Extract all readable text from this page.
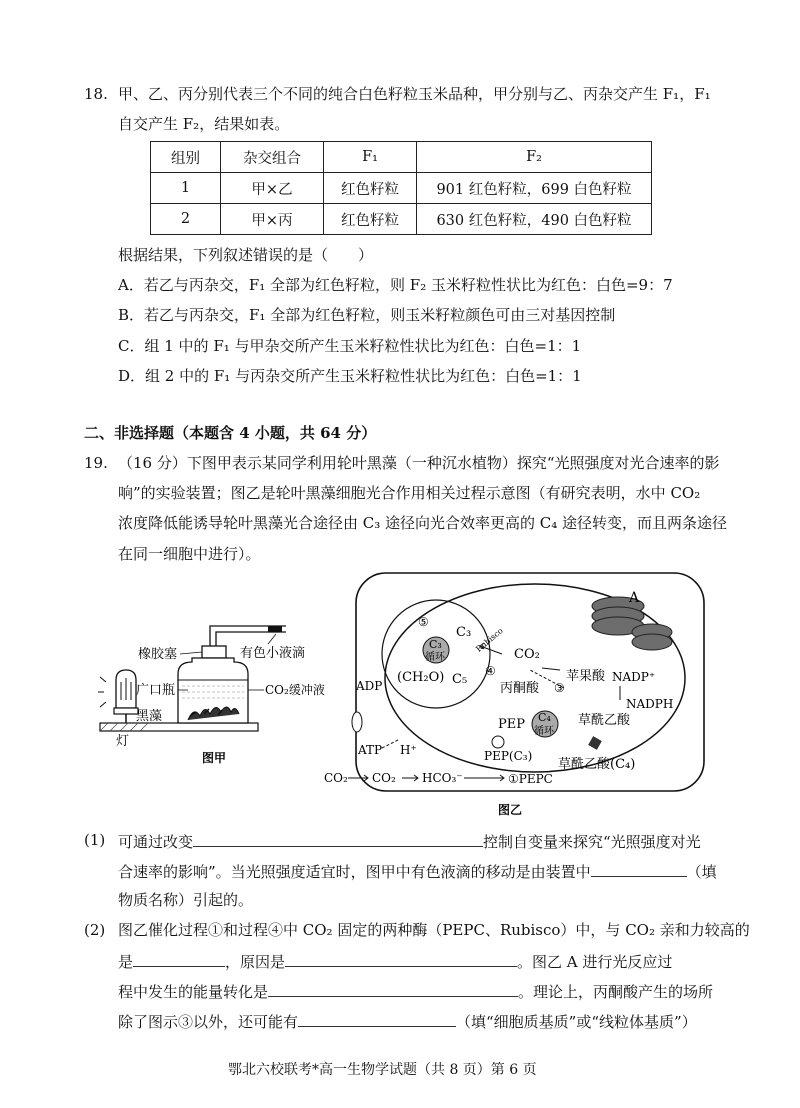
18. 甲、乙、丙分别代表三个不同的纯合白色籽粒玉米品种，甲分别与乙、丙杂交产生 F₁，F₁
自交产生 F₂，结果如表。
组别	杂交组合	F₁	F₂
1	甲×乙	红色籽粒	901 红色籽粒，699 白色籽粒
2	甲×丙	红色籽粒	630 红色籽粒，490 白色籽粒
根据结果，下列叙述错误的是（　　）
A．若乙与丙杂交，F₁ 全部为红色籽粒，则 F₂ 玉米籽粒性状比为红色：白色=9：7
B．若乙与丙杂交，F₁ 全部为红色籽粒，则玉米籽粒颜色可由三对基因控制
C．组 1 中的 F₁ 与甲杂交所产生玉米籽粒性状比为红色：白色=1：1
D．组 2 中的 F₁ 与丙杂交所产生玉米籽粒性状比为红色：白色=1：1
二、非选择题（本题含 4 小题，共 64 分）
19. （16 分）下图甲表示某同学利用轮叶黑藻（一种沉水植物）探究“光照强度对光合速率的影
响”的实验装置；图乙是轮叶黑藻细胞光合作用相关过程示意图（有研究表明，水中 CO₂
浓度降低能诱导轮叶黑藻光合途径由 C₃ 途径向光合效率更高的 C₄ 途径转变，而且两条途径
在同一细胞中进行）。
灯
橡胶塞
广口瓶
黑藻
有色小液滴
CO₂缓冲液
图甲
A
C₃
循环
⑤
C₃ Rubisco
④
CO₂
(CH₂O) C₅
C₄
循环
丙酮酸 ③
苹果酸 NADP⁺
NADPH
草酰乙酸
PEP
PEP(C₃)
草酰乙酸(C₄)
①PEPC
ADP
ATP H⁺
CO₂ CO₂ HCO₃⁻
图乙
(1) 可通过改变	控制自变量来探究“光照强度对光
合速率的影响”。当光照强度适宜时，图甲中有色液滴的移动是由装置中	（填
物质名称）引起的。
(2) 图乙催化过程①和过程④中 CO₂ 固定的两种酶（PEPC、Rubisco）中，与 CO₂ 亲和力较高的
是	，原因是	。图乙 A 进行光反应过
程中发生的能量转化是	。理论上，丙酮酸产生的场所
除了图示③以外，还可能有	（填“细胞质基质”或“线粒体基质”）
鄂北六校联考*高一生物学试题（共 8 页）第 6 页
